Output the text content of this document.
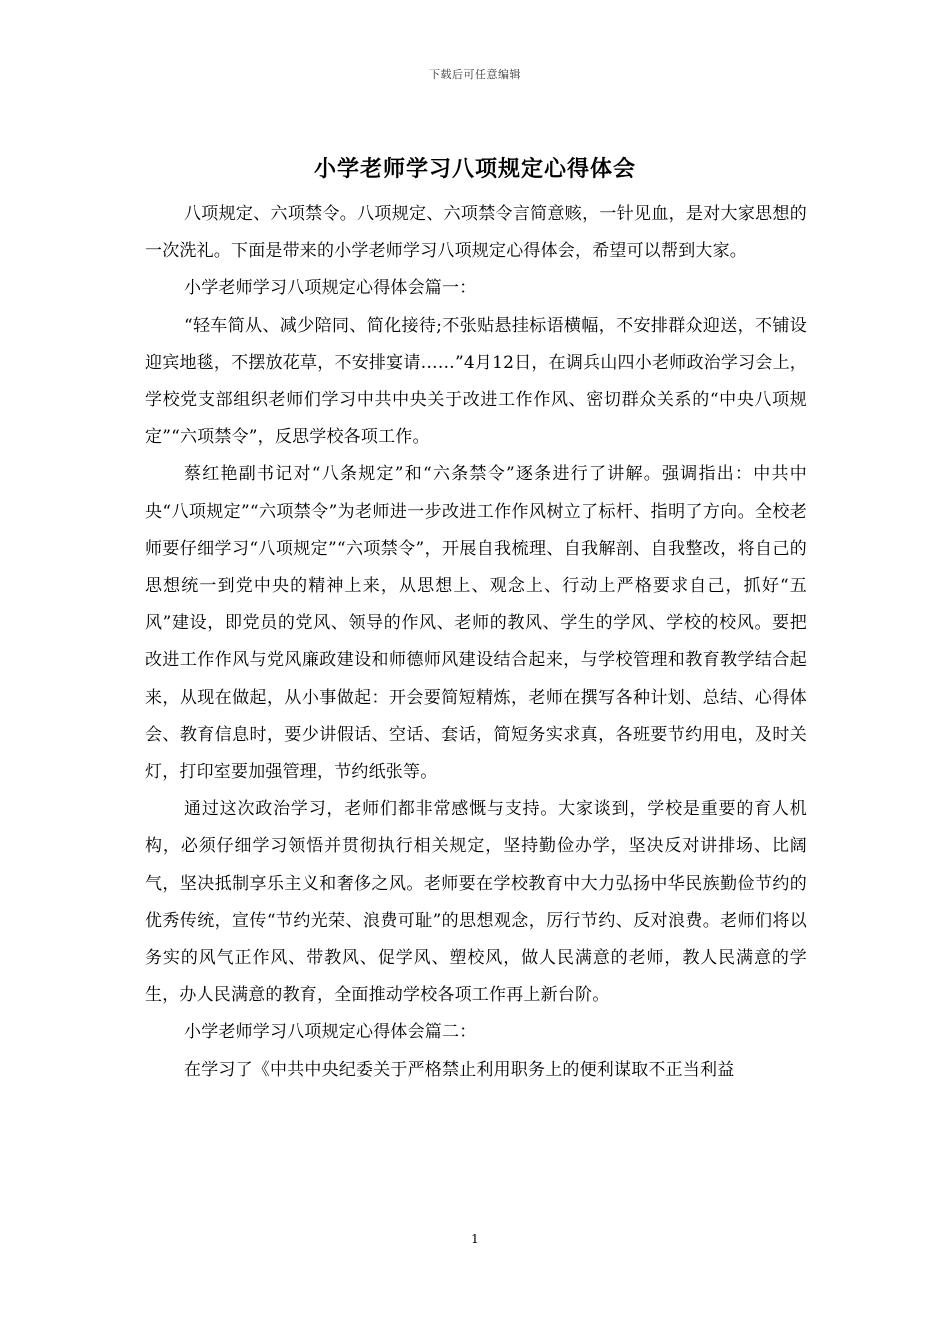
下载后可任意编辑
小学老师学习八项规定心得体会

八项规定、六项禁令。八项规定、六项禁令言简意赅，一针见血，是对大家思想的一次洗礼。下面是带来的小学老师学习八项规定心得体会，希望可以帮到大家。

小学老师学习八项规定心得体会篇一：

“轻车简从、减少陪同、简化接待;不张贴悬挂标语横幅，不安排群众迎送，不铺设迎宾地毯，不摆放花草，不安排宴请……”4月12日，在调兵山四小老师政治学习会上，学校党支部组织老师们学习中共中央关于改进工作作风、密切群众关系的“中央八项规定”“六项禁令”，反思学校各项工作。

蔡红艳副书记对“八条规定”和“六条禁令”逐条进行了讲解。强调指出：中共中央“八项规定”“六项禁令”为老师进一步改进工作作风树立了标杆、指明了方向。全校老师要仔细学习“八项规定”“六项禁令”，开展自我梳理、自我解剖、自我整改，将自己的思想统一到党中央的精神上来，从思想上、观念上、行动上严格要求自己，抓好“五风”建设，即党员的党风、领导的作风、老师的教风、学生的学风、学校的校风。要把改进工作作风与党风廉政建设和师德师风建设结合起来，与学校管理和教育教学结合起来，从现在做起，从小事做起：开会要简短精炼，老师在撰写各种计划、总结、心得体会、教育信息时，要少讲假话、空话、套话，简短务实求真，各班要节约用电，及时关灯，打印室要加强管理，节约纸张等。

通过这次政治学习，老师们都非常感慨与支持。大家谈到，学校是重要的育人机构，必须仔细学习领悟并贯彻执行相关规定，坚持勤俭办学，坚决反对讲排场、比阔气，坚决抵制享乐主义和奢侈之风。老师要在学校教育中大力弘扬中华民族勤俭节约的优秀传统，宣传“节约光荣、浪费可耻”的思想观念，厉行节约、反对浪费。老师们将以务实的风气正作风、带教风、促学风、塑校风，做人民满意的老师，教人民满意的学生，办人民满意的教育，全面推动学校各项工作再上新台阶。

小学老师学习八项规定心得体会篇二：

在学习了《中共中央纪委关于严格禁止利用职务上的便利谋取不正当利益

1
